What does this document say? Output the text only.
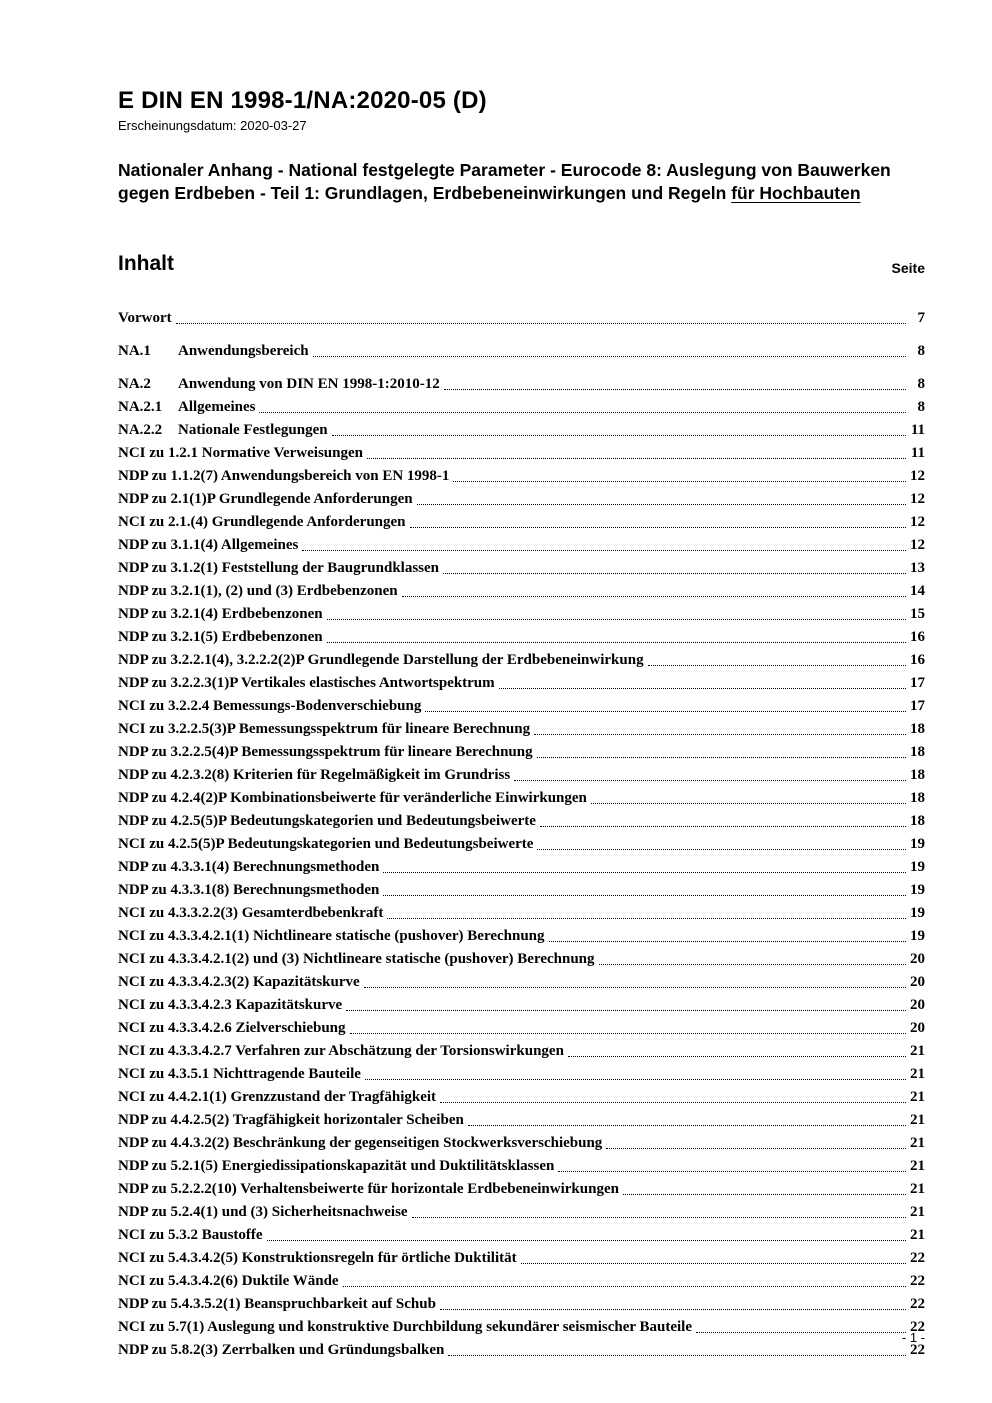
E DIN EN 1998-1/NA:2020-05 (D)
Erscheinungsdatum: 2020-03-27
Nationaler Anhang - National festgelegte Parameter - Eurocode 8: Auslegung von Bauwerken gegen Erdbeben - Teil 1: Grundlagen, Erdbebeneinwirkungen und Regeln für Hochbauten
Inhalt	Seite
Vorwort	7
NA.1	Anwendungsbereich	8
NA.2	Anwendung von DIN EN 1998-1:2010-12	8
NA.2.1	Allgemeines	8
NA.2.2	Nationale Festlegungen	11
NCI zu 1.2.1 Normative Verweisungen	11
NDP zu 1.1.2(7) Anwendungsbereich von EN 1998-1	12
NDP zu 2.1(1)P Grundlegende Anforderungen	12
NCI zu 2.1.(4) Grundlegende Anforderungen	12
NDP zu 3.1.1(4) Allgemeines	12
NDP zu 3.1.2(1) Feststellung der Baugrundklassen	13
NDP zu 3.2.1(1), (2) und (3) Erdbebenzonen	14
NDP zu 3.2.1(4) Erdbebenzonen	15
NDP zu 3.2.1(5) Erdbebenzonen	16
NDP zu 3.2.2.1(4), 3.2.2.2(2)P Grundlegende Darstellung der Erdbebeneinwirkung	16
NDP zu 3.2.2.3(1)P Vertikales elastisches Antwortspektrum	17
NCI zu 3.2.2.4 Bemessungs-Bodenverschiebung	17
NCI zu 3.2.2.5(3)P Bemessungsspektrum für lineare Berechnung	18
NDP zu 3.2.2.5(4)P Bemessungsspektrum für lineare Berechnung	18
NDP zu 4.2.3.2(8) Kriterien für Regelmäßigkeit im Grundriss	18
NDP zu 4.2.4(2)P Kombinationsbeiwerte für veränderliche Einwirkungen	18
NDP zu 4.2.5(5)P Bedeutungskategorien und Bedeutungsbeiwerte	18
NCI zu 4.2.5(5)P Bedeutungskategorien und Bedeutungsbeiwerte	19
NDP zu 4.3.3.1(4) Berechnungsmethoden	19
NDP zu 4.3.3.1(8) Berechnungsmethoden	19
NCI zu 4.3.3.2.2(3) Gesamterdbebenkraft	19
NCI zu 4.3.3.4.2.1(1) Nichtlineare statische (pushover) Berechnung	19
NCI zu 4.3.3.4.2.1(2) und (3) Nichtlineare statische (pushover) Berechnung	20
NCI zu 4.3.3.4.2.3(2) Kapazitätskurve	20
NCI zu 4.3.3.4.2.3 Kapazitätskurve	20
NCI zu 4.3.3.4.2.6 Zielverschiebung	20
NCI zu 4.3.3.4.2.7 Verfahren zur Abschätzung der Torsionswirkungen	21
NCI zu 4.3.5.1 Nichttragende Bauteile	21
NCI zu 4.4.2.1(1) Grenzzustand der Tragfähigkeit	21
NDP zu 4.4.2.5(2) Tragfähigkeit horizontaler Scheiben	21
NDP zu 4.4.3.2(2) Beschränkung der gegenseitigen Stockwerksverschiebung	21
NDP zu 5.2.1(5) Energiedissipationskapazität und Duktilitätsklassen	21
NDP zu 5.2.2.2(10) Verhaltensbeiwerte für horizontale Erdbebeneinwirkungen	21
NDP zu 5.2.4(1) und (3) Sicherheitsnachweise	21
NCI zu 5.3.2 Baustoffe	21
NCI zu 5.4.3.4.2(5) Konstruktionsregeln für örtliche Duktilität	22
NCI zu 5.4.3.4.2(6) Duktile Wände	22
NDP zu 5.4.3.5.2(1) Beanspruchbarkeit auf Schub	22
NCI zu 5.7(1) Auslegung und konstruktive Durchbildung sekundärer seismischer Bauteile	22
NDP zu 5.8.2(3) Zerrbalken und Gründungsbalken	22
- 1 -
